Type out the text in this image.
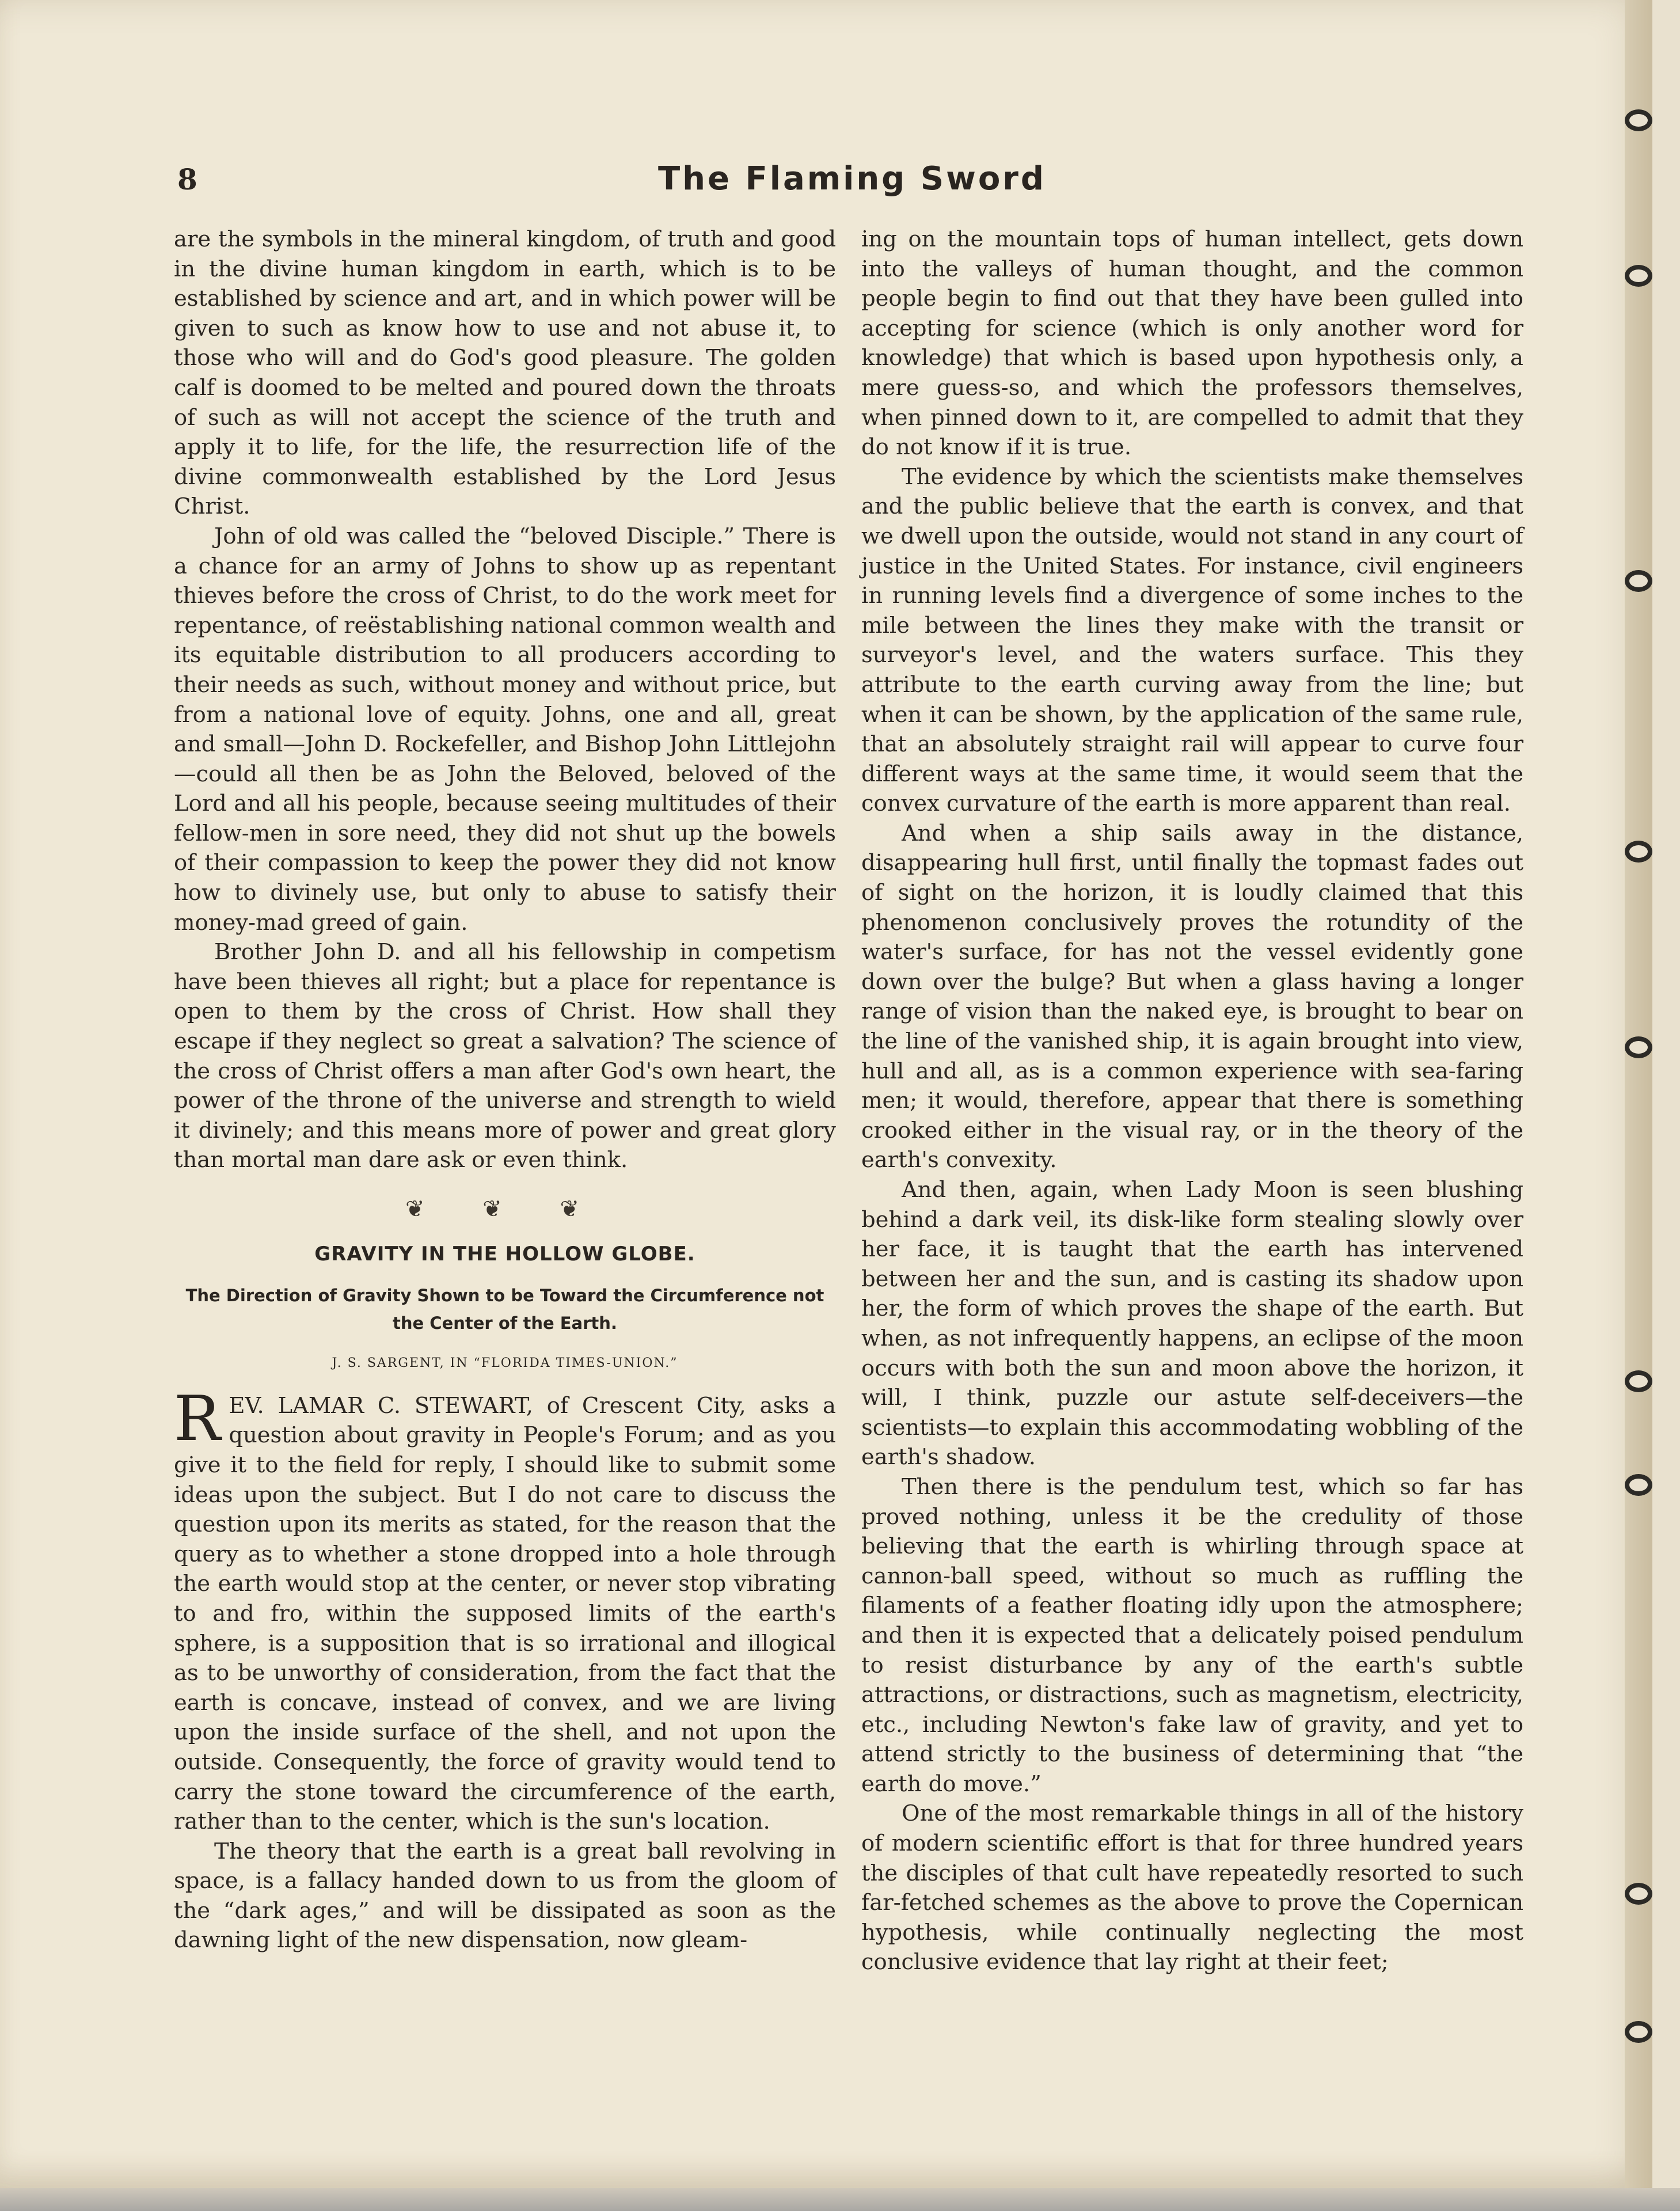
8	The Flaming Sword

are the symbols in the mineral kingdom, of truth and good in the divine human kingdom in earth, which is to be established by science and art, and in which power will be given to such as know how to use and not abuse it, to those who will and do God's good pleasure. The golden calf is doomed to be melted and poured down the throats of such as will not accept the science of the truth and apply it to life, for the life, the resurrection life of the divine commonwealth established by the Lord Jesus Christ.

John of old was called the “beloved Disciple.” There is a chance for an army of Johns to show up as repentant thieves before the cross of Christ, to do the work meet for repentance, of reëstablishing national common wealth and its equitable distribution to all producers according to their needs as such, without money and without price, but from a national love of equity. Johns, one and all, great and small—John D. Rockefeller, and Bishop John Littlejohn—could all then be as John the Beloved, beloved of the Lord and all his people, because seeing multitudes of their fellow-men in sore need, they did not shut up the bowels of their compassion to keep the power they did not know how to divinely use, but only to abuse to satisfy their money-mad greed of gain.

Brother John D. and all his fellowship in competism have been thieves all right; but a place for repentance is open to them by the cross of Christ. How shall they escape if they neglect so great a salvation? The science of the cross of Christ offers a man after God's own heart, the power of the throne of the universe and strength to wield it divinely; and this means more of power and great glory than mortal man dare ask or even think.

❦ ❦ ❦
GRAVITY IN THE HOLLOW GLOBE.
The Direction of Gravity Shown to be Toward the Circumference not the Center of the Earth.
J. S. SARGENT, IN “FLORIDA TIMES-UNION.”

REV. LAMAR C. STEWART, of Crescent City, asks a question about gravity in People's Forum; and as you give it to the field for reply, I should like to submit some ideas upon the subject. But I do not care to discuss the question upon its merits as stated, for the reason that the query as to whether a stone dropped into a hole through the earth would stop at the center, or never stop vibrating to and fro, within the supposed limits of the earth's sphere, is a supposition that is so irrational and illogical as to be unworthy of consideration, from the fact that the earth is concave, instead of convex, and we are living upon the inside surface of the shell, and not upon the outside. Consequently, the force of gravity would tend to carry the stone toward the circumference of the earth, rather than to the center, which is the sun's location.

The theory that the earth is a great ball revolving in space, is a fallacy handed down to us from the gloom of the “dark ages,” and will be dissipated as soon as the dawning light of the new dispensation, now gleam-

ing on the mountain tops of human intellect, gets down into the valleys of human thought, and the common people begin to find out that they have been gulled into accepting for science (which is only another word for knowledge) that which is based upon hypothesis only, a mere guess-so, and which the professors themselves, when pinned down to it, are compelled to admit that they do not know if it is true.

The evidence by which the scientists make themselves and the public believe that the earth is convex, and that we dwell upon the outside, would not stand in any court of justice in the United States. For instance, civil engineers in running levels find a divergence of some inches to the mile between the lines they make with the transit or surveyor's level, and the waters surface. This they attribute to the earth curving away from the line; but when it can be shown, by the application of the same rule, that an absolutely straight rail will appear to curve four different ways at the same time, it would seem that the convex curvature of the earth is more apparent than real.

And when a ship sails away in the distance, disappearing hull first, until finally the topmast fades out of sight on the horizon, it is loudly claimed that this phenomenon conclusively proves the rotundity of the water's surface, for has not the vessel evidently gone down over the bulge? But when a glass having a longer range of vision than the naked eye, is brought to bear on the line of the vanished ship, it is again brought into view, hull and all, as is a common experience with sea-faring men; it would, therefore, appear that there is something crooked either in the visual ray, or in the theory of the earth's convexity.

And then, again, when Lady Moon is seen blushing behind a dark veil, its disk-like form stealing slowly over her face, it is taught that the earth has intervened between her and the sun, and is casting its shadow upon her, the form of which proves the shape of the earth. But when, as not infrequently happens, an eclipse of the moon occurs with both the sun and moon above the horizon, it will, I think, puzzle our astute self-deceivers—the scientists—to explain this accommodating wobbling of the earth's shadow.

Then there is the pendulum test, which so far has proved nothing, unless it be the credulity of those believing that the earth is whirling through space at cannon-ball speed, without so much as ruffling the filaments of a feather floating idly upon the atmosphere; and then it is expected that a delicately poised pendulum to resist disturbance by any of the earth's subtle attractions, or distractions, such as magnetism, electricity, etc., including Newton's fake law of gravity, and yet to attend strictly to the business of determining that “the earth do move.”

One of the most remarkable things in all of the history of modern scientific effort is that for three hundred years the disciples of that cult have repeatedly resorted to such far-fetched schemes as the above to prove the Copernican hypothesis, while continually neglecting the most conclusive evidence that lay right at their feet;
